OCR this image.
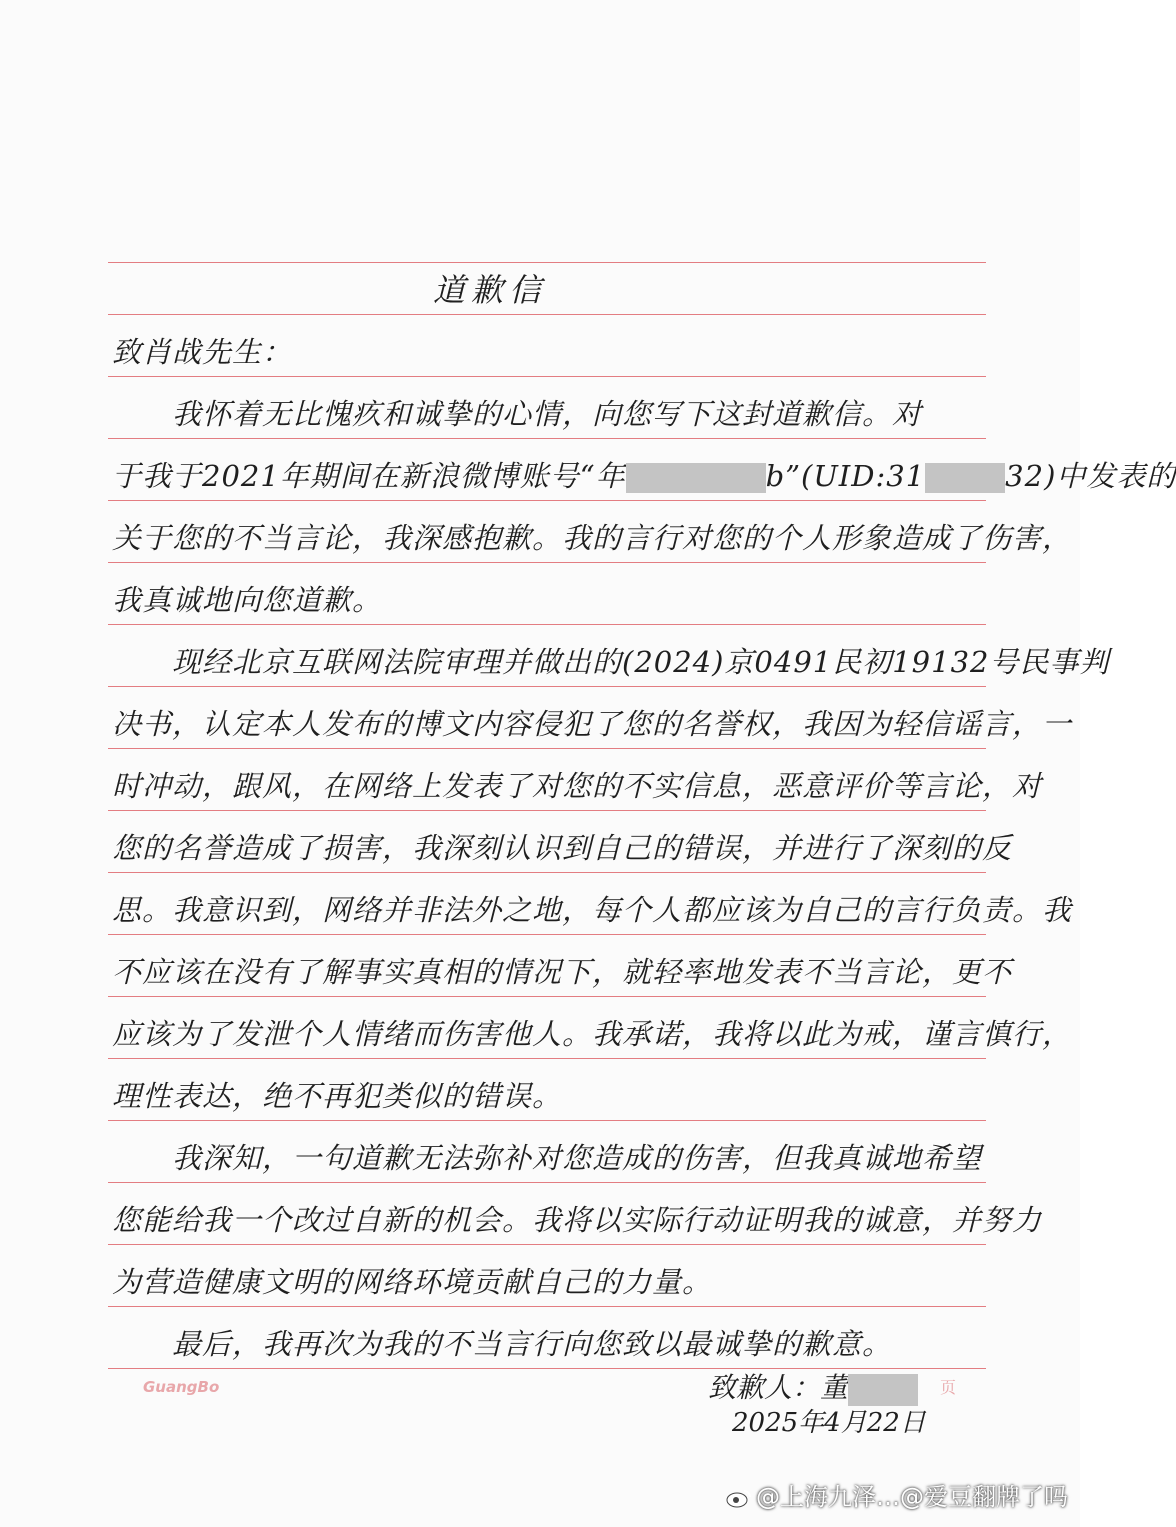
道歉信
致肖战先生：
　　我怀着无比愧疚和诚挚的心情，向您写下这封道歉信。对
于我于2021年期间在新浪微博账号“年	b”(UID:31	32)中发表的
关于您的不当言论，我深感抱歉。我的言行对您的个人形象造成了伤害，
我真诚地向您道歉。
　　现经北京互联网法院审理并做出的(2024)京0491民初19132号民事判
决书，认定本人发布的博文内容侵犯了您的名誉权，我因为轻信谣言，一
时冲动，跟风，在网络上发表了对您的不实信息，恶意评价等言论，对
您的名誉造成了损害，我深刻认识到自己的错误，并进行了深刻的反
思。我意识到，网络并非法外之地，每个人都应该为自己的言行负责。我
不应该在没有了解事实真相的情况下，就轻率地发表不当言论，更不
应该为了发泄个人情绪而伤害他人。我承诺，我将以此为戒，谨言慎行，
理性表达，绝不再犯类似的错误。
　　我深知，一句道歉无法弥补对您造成的伤害，但我真诚地希望
您能给我一个改过自新的机会。我将以实际行动证明我的诚意，并努力
为营造健康文明的网络环境贡献自己的力量。
　　最后，我再次为我的不当言行向您致以最诚挚的歉意。
GuangBo	页
致歉人：董
2025年4月22日
@上海九泽…@爱豆翻牌了吗
